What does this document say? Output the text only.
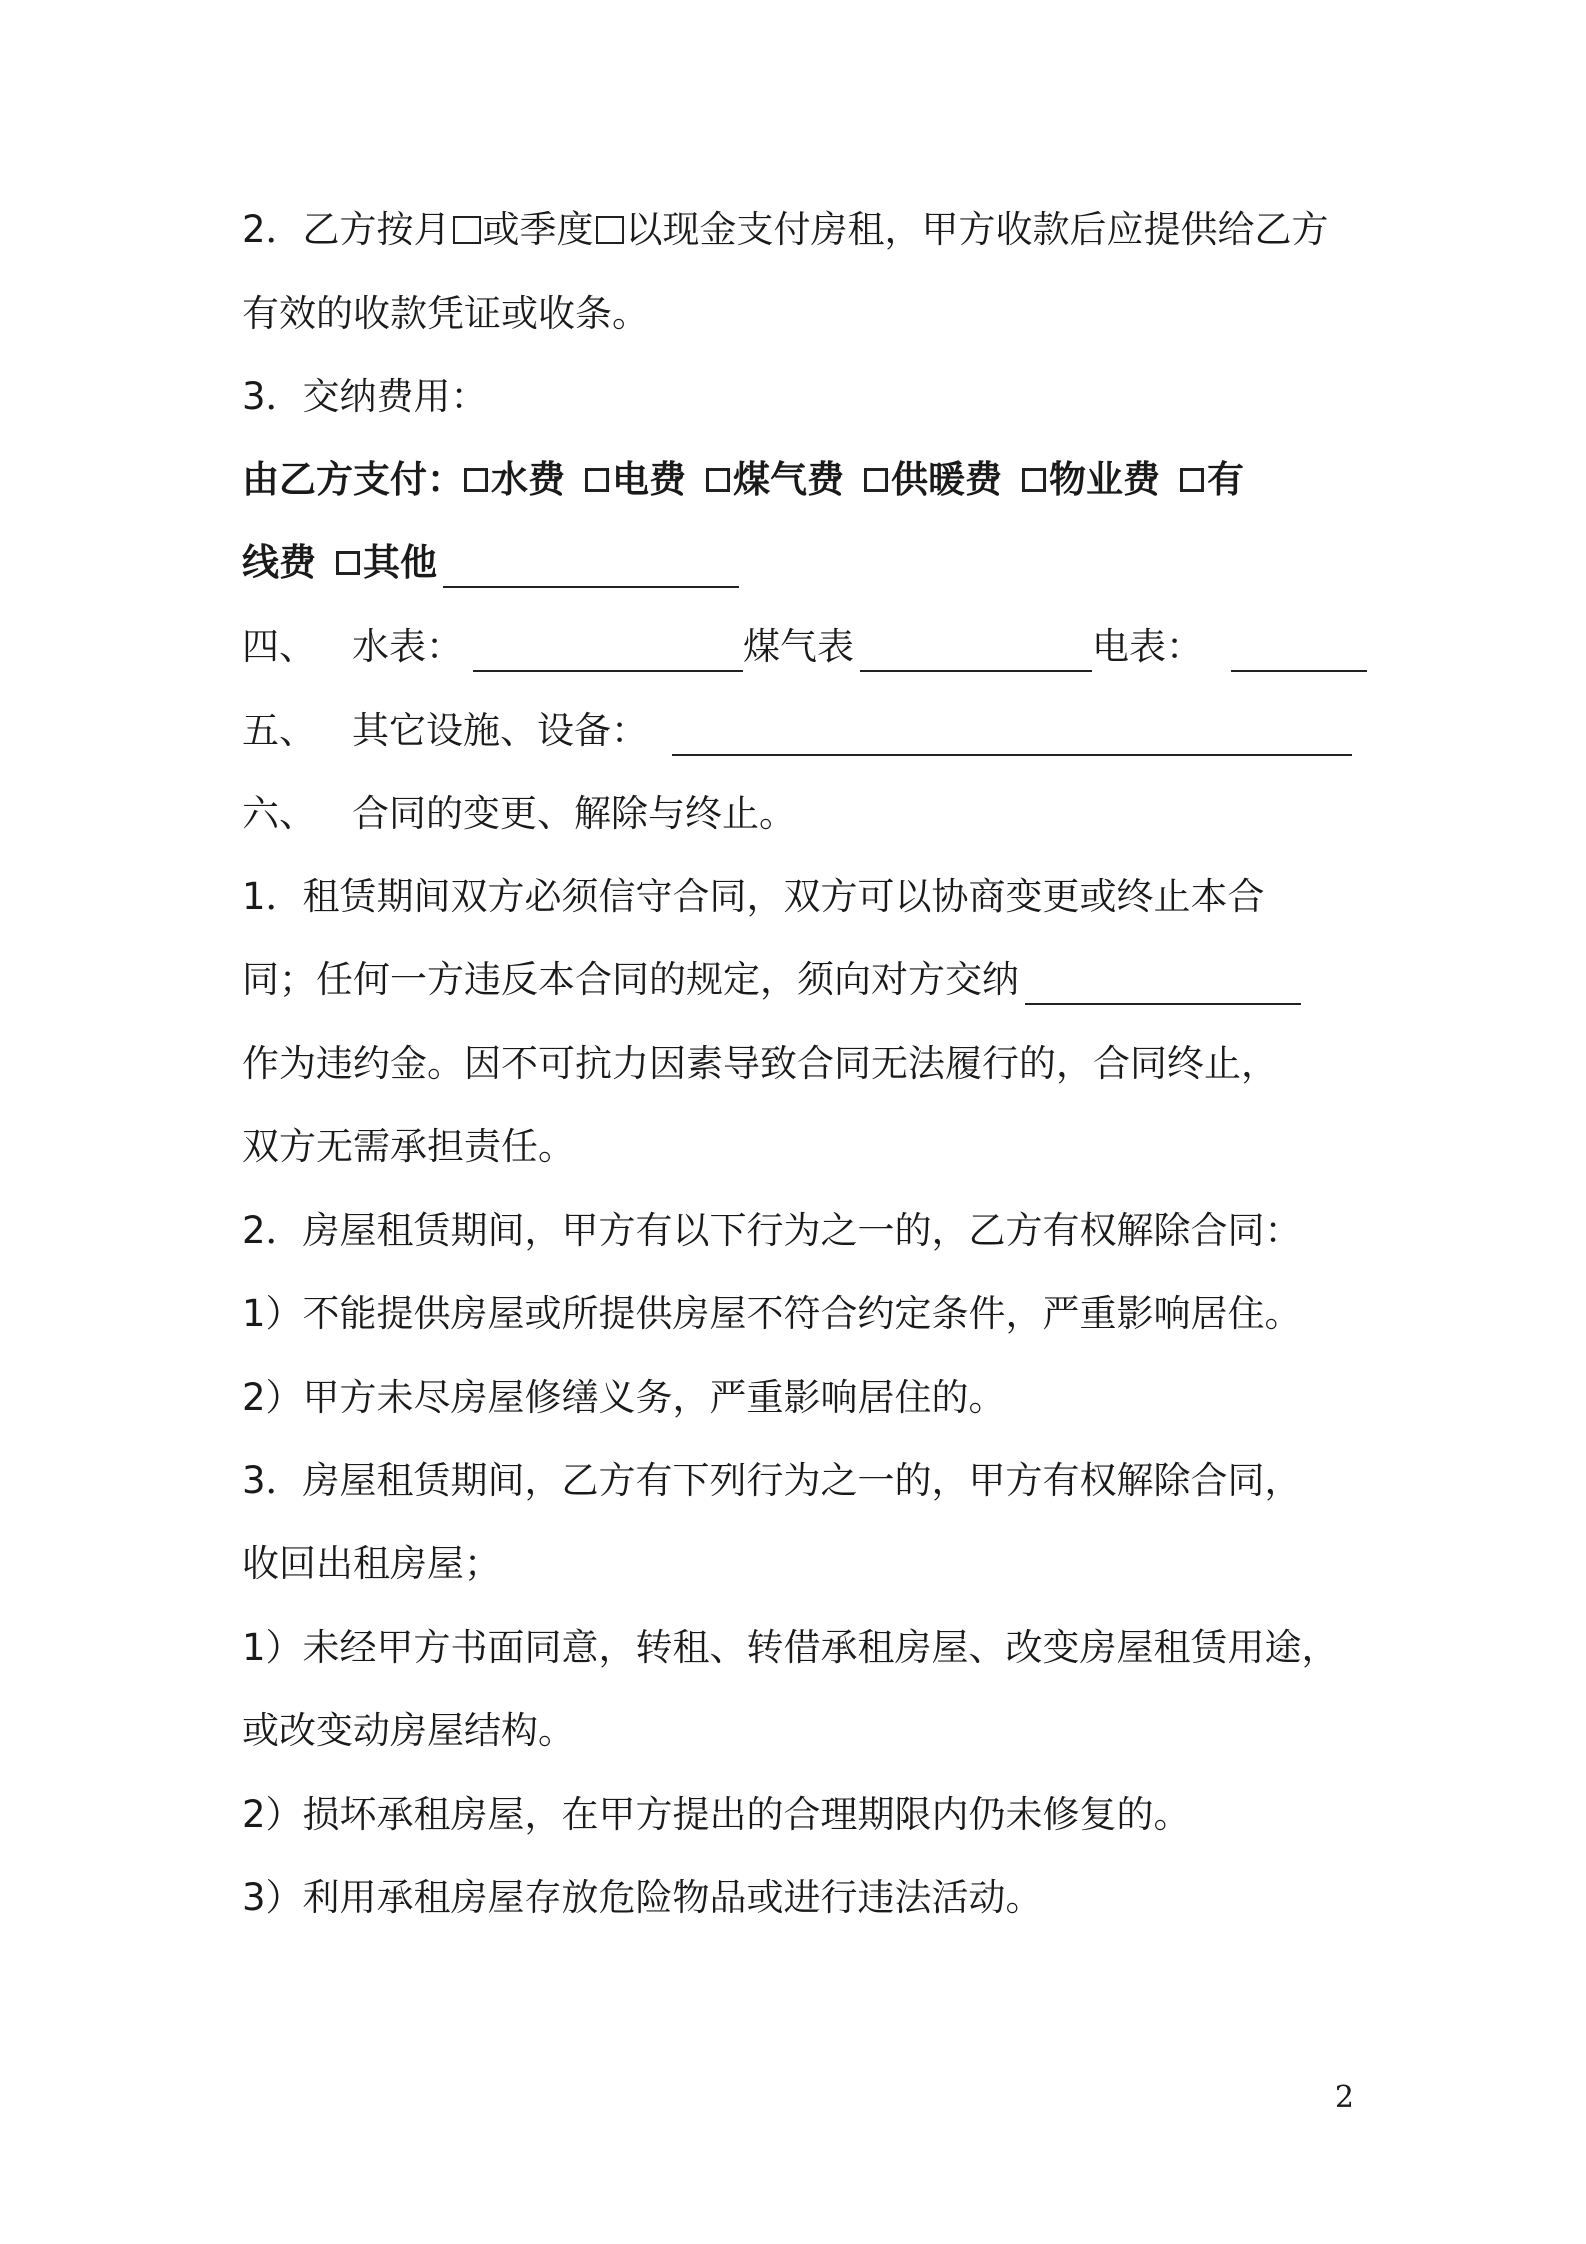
2．乙方按月 或季度 以现金支付房租，甲方收款后应提供给乙方
有效的收款凭证或收条。
3．交纳费用：
由乙方支付： 水费 电费 煤气费 供暖费 物业费 有
线费 其他
四、 水表：	煤气表	电表：
五、 其它设施、设备：
六、 合同的变更、解除与终止。
1．租赁期间双方必须信守合同，双方可以协商变更或终止本合
同；任何一方违反本合同的规定，须向对方交纳
作为违约金。因不可抗力因素导致合同无法履行的，合同终止，
双方无需承担责任。
2．房屋租赁期间，甲方有以下行为之一的，乙方有权解除合同：
1）不能提供房屋或所提供房屋不符合约定条件，严重影响居住。
2）甲方未尽房屋修缮义务，严重影响居住的。
3．房屋租赁期间，乙方有下列行为之一的，甲方有权解除合同，
收回出租房屋；
1）未经甲方书面同意，转租、转借承租房屋、改变房屋租赁用途，
或改变动房屋结构。
2）损坏承租房屋，在甲方提出的合理期限内仍未修复的。
3）利用承租房屋存放危险物品或进行违法活动。
2
